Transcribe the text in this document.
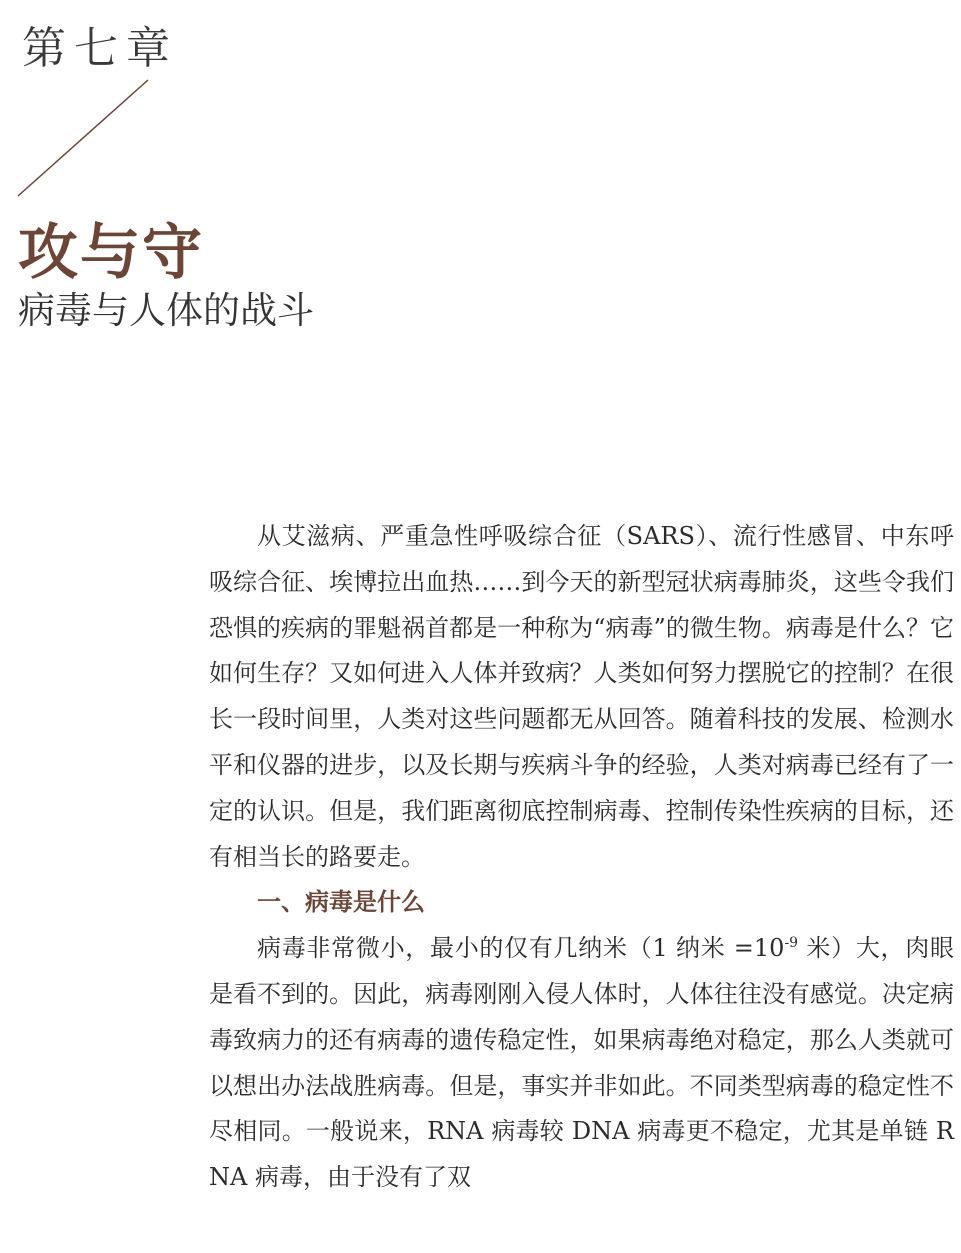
第七章
攻与守
病毒与人体的战斗

从艾滋病、严重急性呼吸综合征（SARS）、流行性感冒、中东呼吸综合征、埃博拉出血热……到今天的新型冠状病毒肺炎，这些令我们恐惧的疾病的罪魁祸首都是一种称为“病毒”的微生物。病毒是什么？它如何生存？又如何进入人体并致病？人类如何努力摆脱它的控制？在很长一段时间里，人类对这些问题都无从回答。随着科技的发展、检测水平和仪器的进步，以及长期与疾病斗争的经验，人类对病毒已经有了一定的认识。但是，我们距离彻底控制病毒、控制传染性疾病的目标，还有相当长的路要走。

一、病毒是什么

病毒非常微小，最小的仅有几纳米（1 纳米 $=10^{-9}$ 米）大，肉眼是看不到的。因此，病毒刚刚入侵人体时，人体往往没有感觉。决定病毒致病力的还有病毒的遗传稳定性，如果病毒绝对稳定，那么人类就可以想出办法战胜病毒。但是，事实并非如此。不同类型病毒的稳定性不尽相同。一般说来，RNA 病毒较 DNA 病毒更不稳定，尤其是单链 RNA 病毒，由于没有了双
